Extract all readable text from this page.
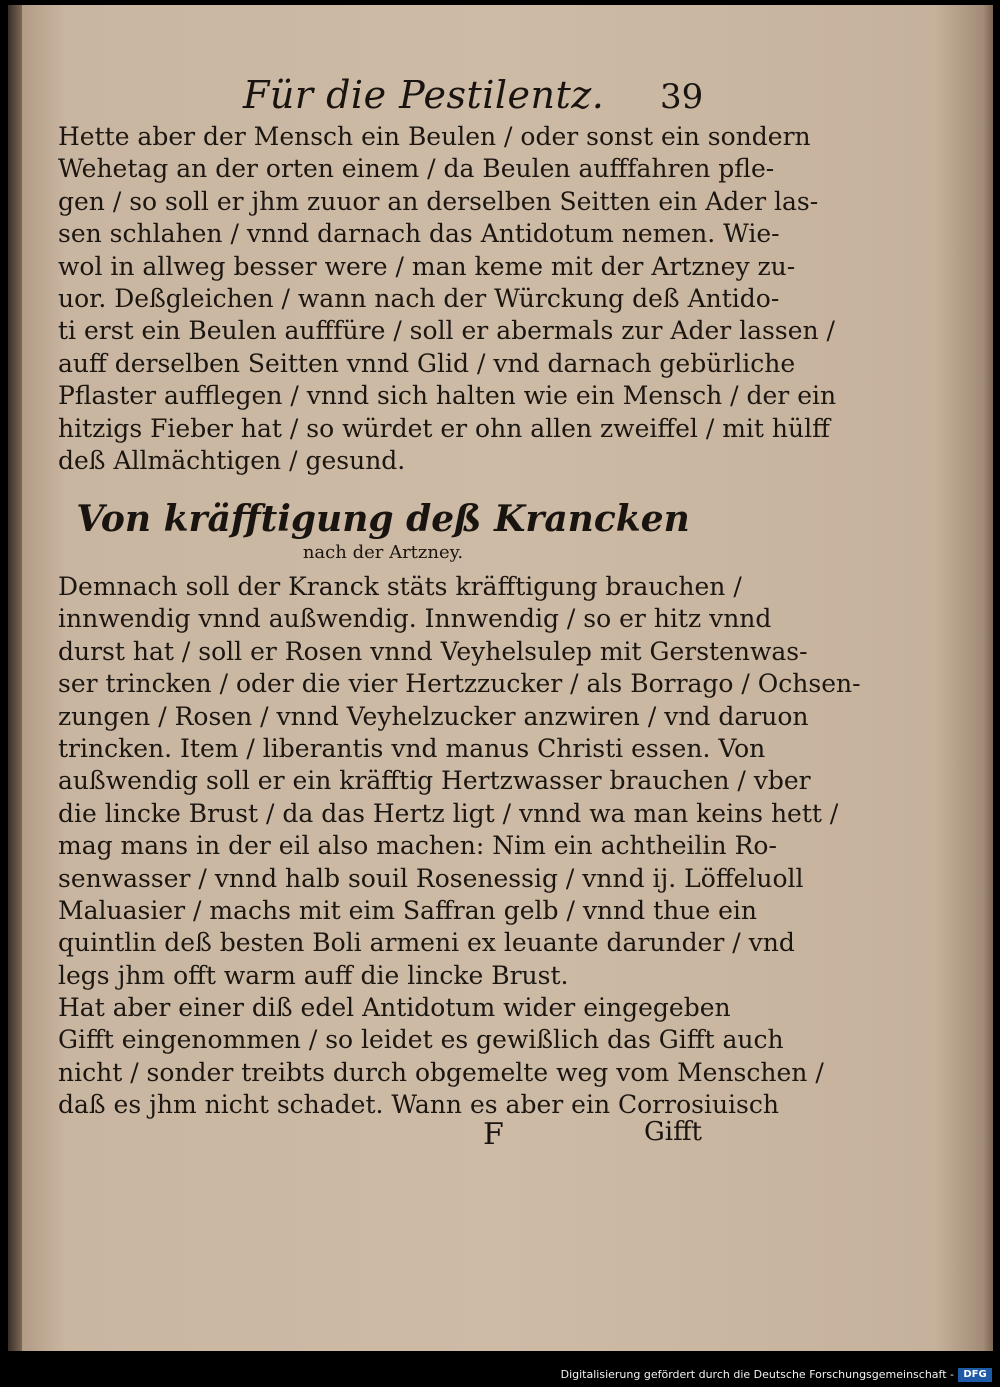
Für die Pestilentz. 39
Hette aber der Mensch ein Beulen / oder sonst ein sondern
Wehetag an der orten einem / da Beulen aufffahren pfle-
gen / so soll er jhm zuuor an derselben Seitten ein Ader las-
sen schlahen / vnnd darnach das Antidotum nemen. Wie-
wol in allweg besser were / man keme mit der Artzney zu-
uor. Deßgleichen / wann nach der Würckung deß Antido-
ti erst ein Beulen aufffüre / soll er abermals zur Ader lassen /
auff derselben Seitten vnnd Glid / vnd darnach gebürliche
Pflaster aufflegen / vnnd sich halten wie ein Mensch / der ein
hitzigs Fieber hat / so würdet er ohn allen zweiffel / mit hülff
deß Allmächtigen / gesund.
Von kräfftigung deß Krancken
nach der Artzney.
Demnach soll der Kranck stäts kräfftigung brauchen /
innwendig vnnd außwendig. Innwendig / so er hitz vnnd
durst hat / soll er Rosen vnnd Veyhelsulep mit Gerstenwas-
ser trincken / oder die vier Hertzzucker / als Borrago / Ochsen-
zungen / Rosen / vnnd Veyhelzucker anzwiren / vnd daruon
trincken. Item / liberantis vnd manus Christi essen. Von
außwendig soll er ein kräfftig Hertzwasser brauchen / vber
die lincke Brust / da das Hertz ligt / vnnd wa man keins hett /
mag mans in der eil also machen: Nim ein achtheilin Ro-
senwasser / vnnd halb souil Rosenessig / vnnd ij. Löffeluoll
Maluasier / machs mit eim Saffran gelb / vnnd thue ein
quintlin deß besten Boli armeni ex leuante darunder / vnd
legs jhm offt warm auff die lincke Brust.
Hat aber einer diß edel Antidotum wider eingegeben
Gifft eingenommen / so leidet es gewißlich das Gifft auch
nicht / sonder treibts durch obgemelte weg vom Menschen /
daß es jhm nicht schadet. Wann es aber ein Corrosiuisch
F	Gifft
Digitalisierung gefördert durch die Deutsche Forschungsgemeinschaft - DFG
